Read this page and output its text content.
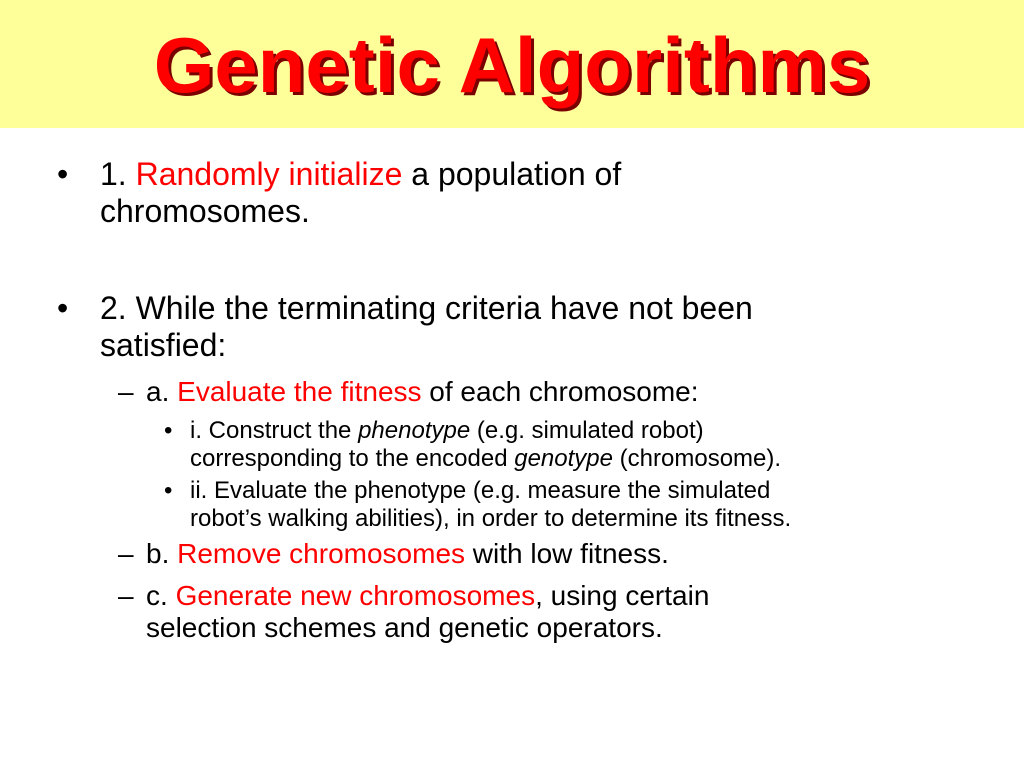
Genetic Algorithms
• 1. Randomly initialize a population of
chromosomes.
• 2. While the terminating criteria have not been
satisfied:
– a. Evaluate the fitness of each chromosome:
• i. Construct the phenotype (e.g. simulated robot)
corresponding to the encoded genotype (chromosome).
• ii. Evaluate the phenotype (e.g. measure the simulated
robot’s walking abilities), in order to determine its fitness.
– b. Remove chromosomes with low fitness.
– c. Generate new chromosomes, using certain
selection schemes and genetic operators.
